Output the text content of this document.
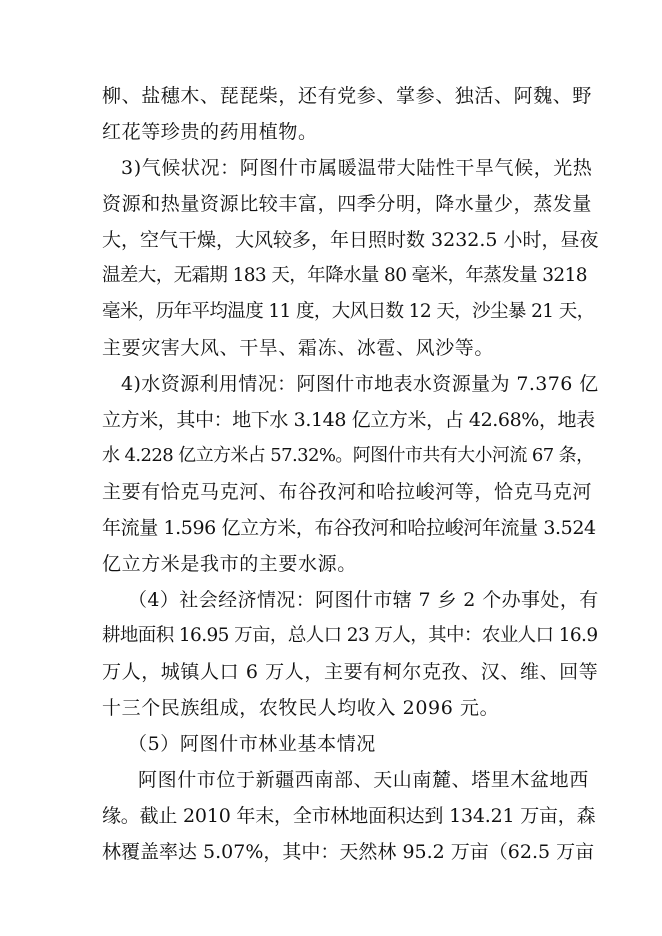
柳、盐穗木、琵琵柴，还有党参、掌参、独活、阿魏、野
红花等珍贵的药用植物。
3)气候状况：阿图什市属暖温带大陆性干旱气候，光热
资源和热量资源比较丰富，四季分明，降水量少，蒸发量
大，空气干燥，大风较多，年日照时数 3232.5 小时，昼夜
温差大，无霜期 183 天，年降水量 80 毫米，年蒸发量 3218
毫米，历年平均温度 11 度，大风日数 12 天，沙尘暴 21 天，
主要灾害大风、干旱、霜冻、冰雹、风沙等。
4)水资源利用情况：阿图什市地表水资源量为 7.376 亿
立方米，其中：地下水 3.148 亿立方米，占 42.68%，地表
水 4.228 亿立方米占 57.32%。阿图什市共有大小河流 67 条，
主要有恰克马克河、布谷孜河和哈拉峻河等，恰克马克河
年流量 1.596 亿立方米，布谷孜河和哈拉峻河年流量 3.524
亿立方米是我市的主要水源。
（4）社会经济情况：阿图什市辖 7 乡 2 个办事处，有
耕地面积 16.95 万亩，总人口 23 万人，其中：农业人口 16.9
万人，城镇人口 6 万人，主要有柯尔克孜、汉、维、回等
十三个民族组成，农牧民人均收入 2096 元。
（5）阿图什市林业基本情况
阿图什市位于新疆西南部、天山南麓、塔里木盆地西
缘。截止 2010 年末，全市林地面积达到 134.21 万亩，森
林覆盖率达 5.07%，其中：天然林 95.2 万亩（62.5 万亩
